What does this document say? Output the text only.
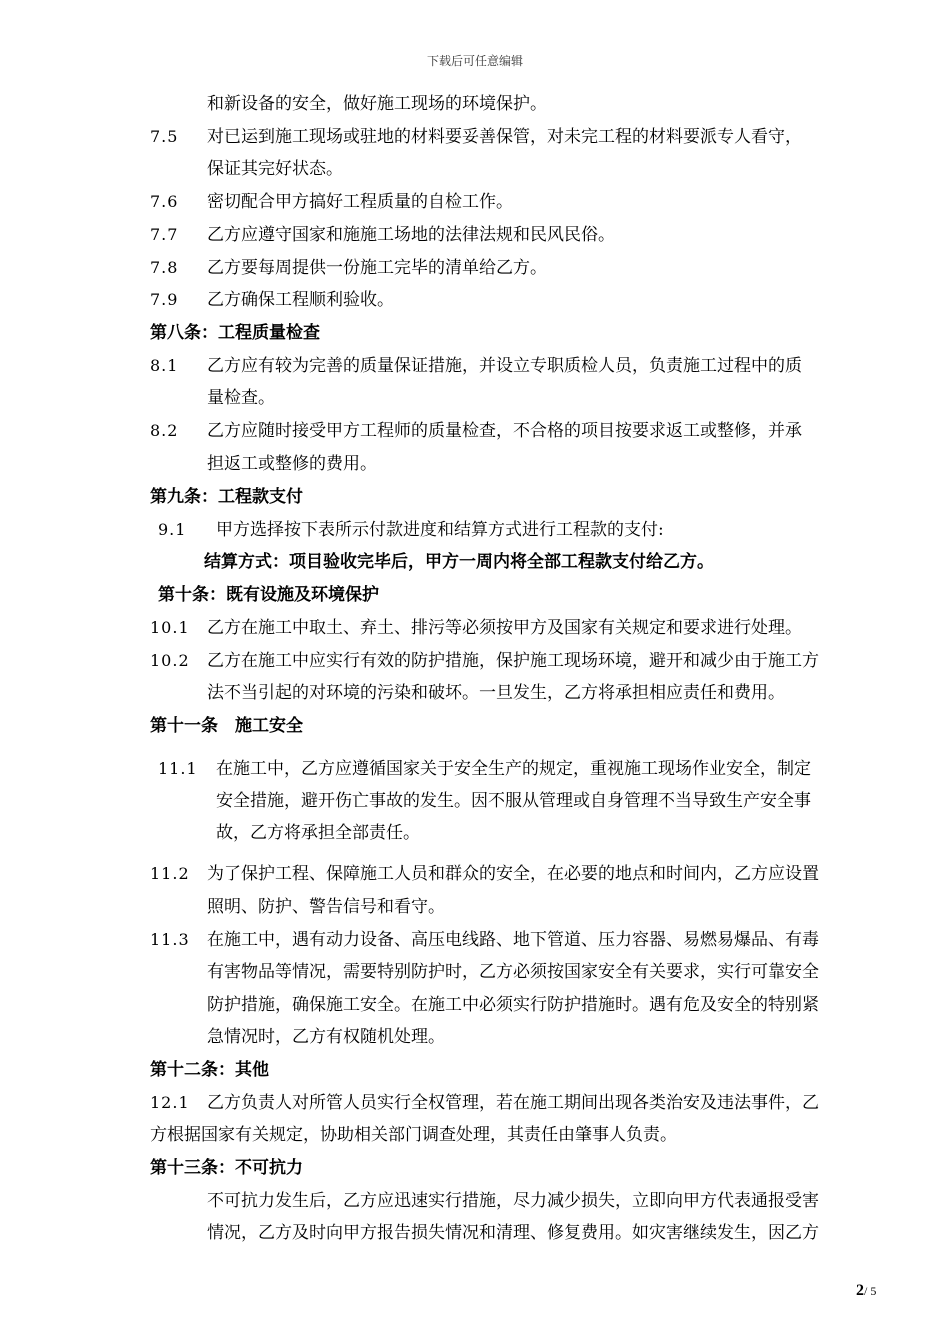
下载后可任意编辑
和新设备的安全，做好施工现场的环境保护。
7.5 对已运到施工现场或驻地的材料要妥善保管，对未完工程的材料要派专人看守，
保证其完好状态。
7.6 密切配合甲方搞好工程质量的自检工作。
7.7 乙方应遵守国家和施施工场地的法律法规和民风民俗。
7.8 乙方要每周提供一份施工完毕的清单给乙方。
7.9 乙方确保工程顺利验收。
第八条：工程质量检查
8.1 乙方应有较为完善的质量保证措施，并设立专职质检人员，负责施工过程中的质
量检查。
8.2 乙方应随时接受甲方工程师的质量检查，不合格的项目按要求返工或整修，并承
担返工或整修的费用。
第九条：工程款支付
9.1 甲方选择按下表所示付款进度和结算方式进行工程款的支付:
结算方式：项目验收完毕后，甲方一周内将全部工程款支付给乙方。
第十条：既有设施及环境保护
10.1 乙方在施工中取土、弃土、排污等必须按甲方及国家有关规定和要求进行处理。
10.2 乙方在施工中应实行有效的防护措施，保护施工现场环境，避开和减少由于施工方
法不当引起的对环境的污染和破坏。一旦发生，乙方将承担相应责任和费用。
第十一条　施工安全
11.1 在施工中，乙方应遵循国家关于安全生产的规定，重视施工现场作业安全，制定
安全措施，避开伤亡事故的发生。因不服从管理或自身管理不当导致生产安全事
故，乙方将承担全部责任。
11.2 为了保护工程、保障施工人员和群众的安全，在必要的地点和时间内，乙方应设置
照明、防护、警告信号和看守。
11.3 在施工中，遇有动力设备、高压电线路、地下管道、压力容器、易燃易爆品、有毒
有害物品等情况，需要特别防护时，乙方必须按国家安全有关要求，实行可靠安全
防护措施，确保施工安全。在施工中必须实行防护措施时。遇有危及安全的特别紧
急情况时，乙方有权随机处理。
第十二条：其他
12.1 乙方负责人对所管人员实行全权管理，若在施工期间出现各类治安及违法事件，乙
方根据国家有关规定，协助相关部门调查处理，其责任由肇事人负责。
第十三条：不可抗力
不可抗力发生后，乙方应迅速实行措施，尽力减少损失，立即向甲方代表通报受害
情况，乙方及时向甲方报告损失情况和清理、修复费用。如灾害继续发生，因乙方
2/ 5
